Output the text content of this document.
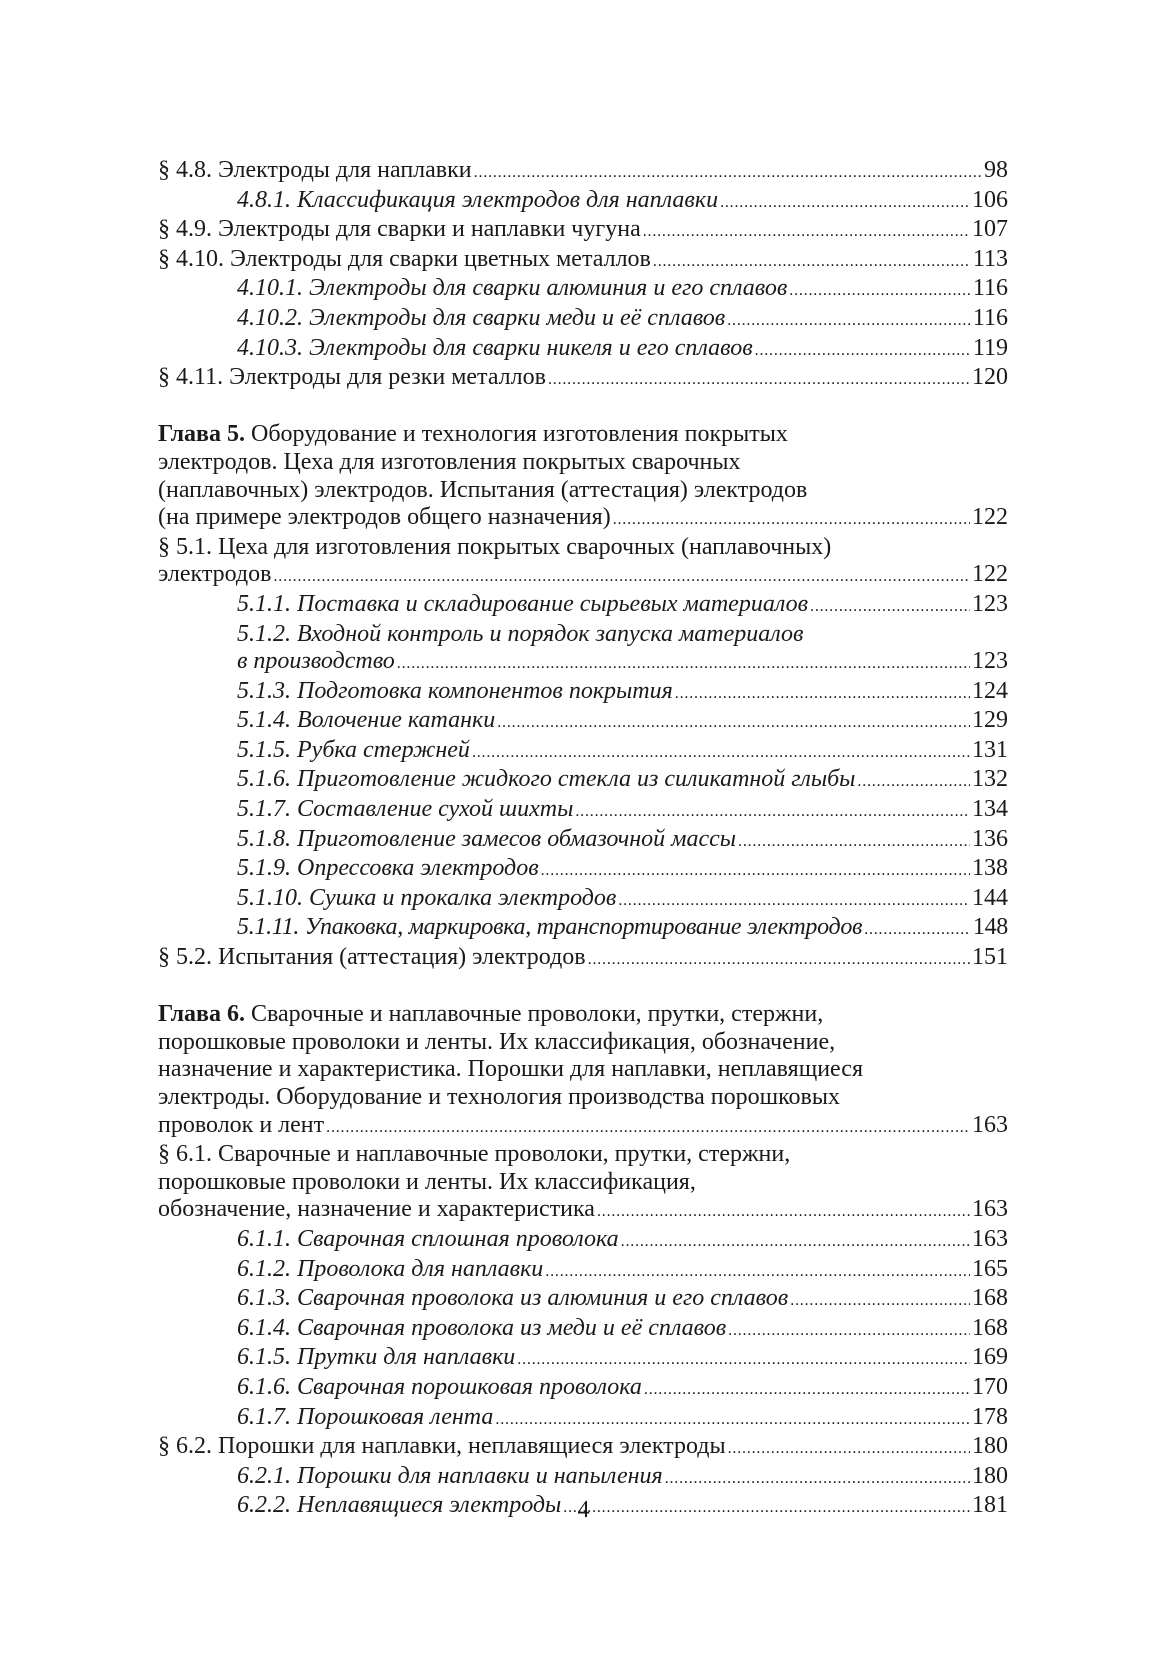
§ 4.8. Электроды для наплавки . . .	98
4.8.1. Классификация электродов для наплавки . . .	106
§ 4.9. Электроды для сварки и наплавки чугуна . . .	107
§ 4.10. Электроды для сварки цветных металлов . . .	113
4.10.1. Электроды для сварки алюминия и его сплавов . . .	116
4.10.2. Электроды для сварки меди и её сплавов . . .	116
4.10.3. Электроды для сварки никеля и его сплавов . . .	119
§ 4.11. Электроды для резки металлов . . .	120
Глава 5. Оборудование и технология изготовления покрытых
электродов. Цеха для изготовления покрытых сварочных
(наплавочных) электродов. Испытания (аттестация) электродов
(на примере электродов общего назначения) . . .	122
§ 5.1. Цеха для изготовления покрытых сварочных (наплавочных)
электродов . . .	122
5.1.1. Поставка и складирование сырьевых материалов . . .	123
5.1.2. Входной контроль и порядок запуска материалов
в производство . . .	123
5.1.3. Подготовка компонентов покрытия . . .	124
5.1.4. Волочение катанки . . .	129
5.1.5. Рубка стержней . . .	131
5.1.6. Приготовление жидкого стекла из силикатной глыбы . . .	132
5.1.7. Составление сухой шихты . . .	134
5.1.8. Приготовление замесов обмазочной массы . . .	136
5.1.9. Опрессовка электродов . . .	138
5.1.10. Сушка и прокалка электродов . . .	144
5.1.11. Упаковка, маркировка, транспортирование электродов . . .	148
§ 5.2. Испытания (аттестация) электродов . . .	151
Глава 6. Сварочные и наплавочные проволоки, прутки, стержни,
порошковые проволоки и ленты. Их классификация, обозначение,
назначение и характеристика. Порошки для наплавки, неплавящиеся
электроды. Оборудование и технология производства порошковых
проволок и лент . . .	163
§ 6.1. Сварочные и наплавочные проволоки, прутки, стержни,
порошковые проволоки и ленты. Их классификация,
обозначение, назначение и характеристика . . .	163
6.1.1. Сварочная сплошная проволока . . .	163
6.1.2. Проволока для наплавки . . .	165
6.1.3. Сварочная проволока из алюминия и его сплавов . . .	168
6.1.4. Сварочная проволока из меди и её сплавов . . .	168
6.1.5. Прутки для наплавки . . .	169
6.1.6. Сварочная порошковая проволока . . .	170
6.1.7. Порошковая лента . . .	178
§ 6.2. Порошки для наплавки, неплавящиеся электроды . . .	180
6.2.1. Порошки для наплавки и напыления . . .	180
6.2.2. Неплавящиеся электроды . . .	181
4
